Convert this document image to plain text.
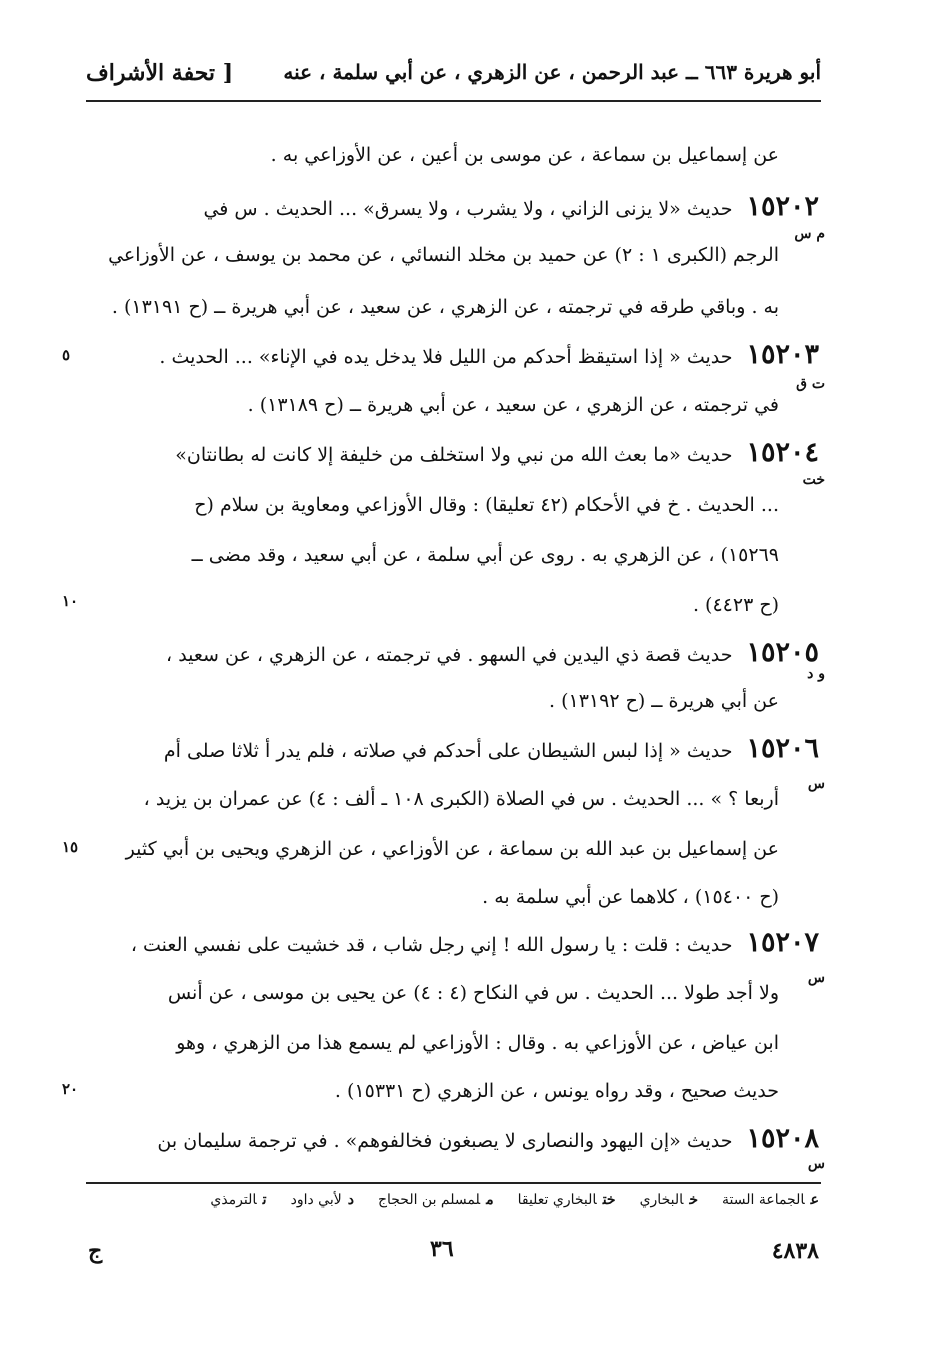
أبو هريرة ٦٦٣ ــ عبد الرحمن ، عن الزهري ، عن أبي سلمة ، عنه
[ تحفة الأشراف
عن إسماعيل بن سماعة ، عن موسى بن أعين ، عن الأوزاعي به .
١٥٢٠٢حديث «لا يزنى الزاني ، ولا يشرب ، ولا يسرق» ... الحديث . س في
م س
الرجم (الكبرى ١ : ٢) عن حميد بن مخلد النسائي ، عن محمد بن يوسف ، عن الأوزاعي
به . وباقي طرقه في ترجمته ، عن الزهري ، عن سعيد ، عن أبي هريرة ــ (ح ١٣١٩١) .
١٥٢٠٣حديث « إذا استيقظ أحدكم من الليل فلا يدخل يده في الإناء» ... الحديث .
٥
ت ق
في ترجمته ، عن الزهري ، عن سعيد ، عن أبي هريرة ــ (ح ١٣١٨٩) .
١٥٢٠٤حديث «ما بعث الله من نبي ولا استخلف من خليفة إلا كانت له بطانتان»
خت
... الحديث . خ في الأحكام (٤٢ تعليقا) : وقال الأوزاعي ومعاوية بن سلام (ح
١٥٢٦٩) ، عن الزهري به . روى عن أبي سلمة ، عن أبي سعيد ، وقد مضى ــ
(ح ٤٤٢٣) .
١٠
١٥٢٠٥حديث قصة ذي اليدين في السهو . في ترجمته ، عن الزهري ، عن سعيد ،
و د
عن أبي هريرة ــ (ح ١٣١٩٢) .
١٥٢٠٦حديث « إذا لبس الشيطان على أحدكم في صلاته ، فلم يدر أ ثلاثا صلى أم
س
أربعا ؟ » ... الحديث . س في الصلاة (الكبرى ١٠٨ ـ ألف : ٤) عن عمران بن يزيد ،
عن إسماعيل بن عبد الله بن سماعة ، عن الأوزاعي ، عن الزهري ويحيى بن أبي كثير
١٥
(ح ١٥٤٠٠) ، كلاهما عن أبي سلمة به .
١٥٢٠٧حديث : قلت : يا رسول الله ! إني رجل شاب ، قد خشيت على نفسي العنت ،
س
ولا أجد طولا ... الحديث . س في النكاح (٤ : ٤) عن يحيى بن موسى ، عن أنس
ابن عياض ، عن الأوزاعي به . وقال : الأوزاعي لم يسمع هذا من الزهري ، وهو
حديث صحيح ، وقد رواه يونس ، عن الزهري (ح ١٥٣٣١) .
٢٠
١٥٢٠٨حديث «إن اليهود والنصارى لا يصبغون فخالفوهم» . في ترجمة سليمان بن
س
عالجماعة الستة
خالبخاري
ختالبخاري تعليقا
ملمسلم بن الحجاج
دلأبي داود
تالترمذي
٤٨٣٨
٣٦
ج
